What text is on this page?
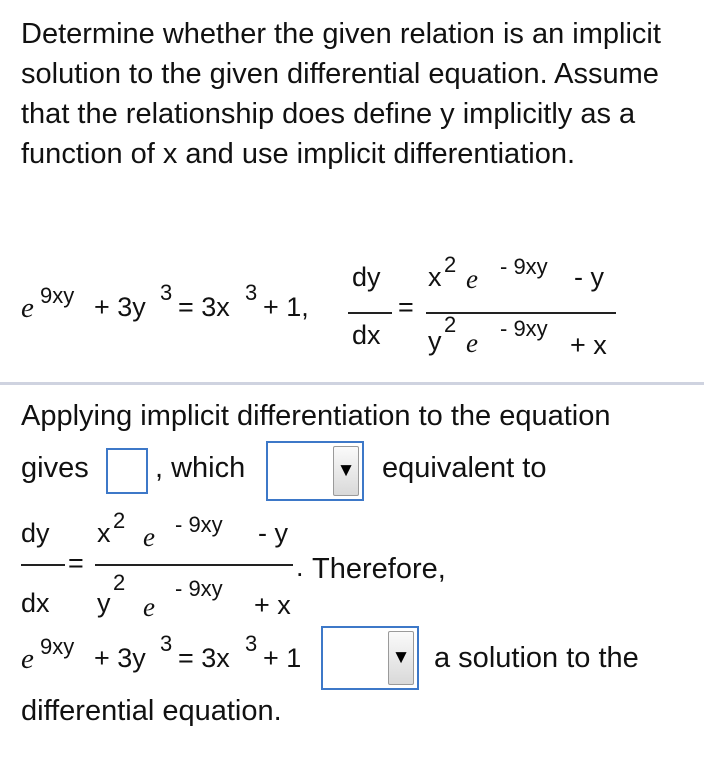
Determine whether the given relation is an implicit solution to the given differential equation. Assume that the relationship does define y implicitly as a function of x and use implicit differentiation.
e 9xy + 3y 3 = 3x 3 + 1,
dy
dx
=
x 2 e - 9xy - y
y
2
e - 9xy
+ x
Applying implicit differentiation to the equation
gives , which	▼ equivalent to
dy
dx
=
x 2
e - 9xy - y
y
2
e
- 9xy
+ x
. Therefore,
e 9xy + 3y 3 = 3x 3 + 1	▼ a solution to the
differential equation.
